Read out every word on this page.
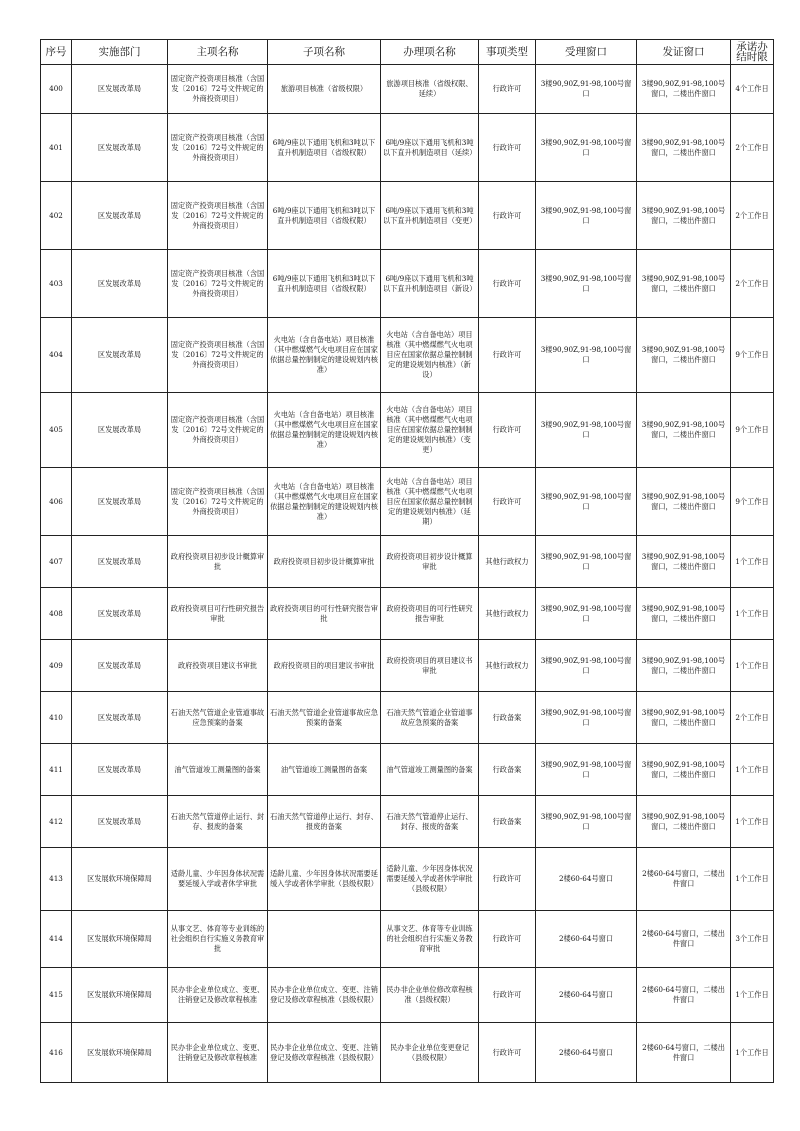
序号	实施部门	主项名称	子项名称	办理项名称	事项类型	受理窗口	发证窗口	承诺办结时限
400	区发展改革局	固定资产投资项目核准（含国发〔2016〕72号文件规定的外商投资项目）	旅游项目核准（省级权限）	旅游项目核准（省级权限、延续）	行政许可	3楼90,90Z,91-98,100号窗口	3楼90,90Z,91-98,100号窗口，二楼出件窗口	4个工作日
401	区发展改革局	固定资产投资项目核准（含国发〔2016〕72号文件规定的外商投资项目）	6吨/9座以下通用飞机和3吨以下直升机制造项目（省级权限）	6吨/9座以下通用飞机和3吨以下直升机制造项目（延续）	行政许可	3楼90,90Z,91-98,100号窗口	3楼90,90Z,91-98,100号窗口，二楼出件窗口	2个工作日
402	区发展改革局	固定资产投资项目核准（含国发〔2016〕72号文件规定的外商投资项目）	6吨/9座以下通用飞机和3吨以下直升机制造项目（省级权限）	6吨/9座以下通用飞机和3吨以下直升机制造项目（变更）	行政许可	3楼90,90Z,91-98,100号窗口	3楼90,90Z,91-98,100号窗口，二楼出件窗口	2个工作日
403	区发展改革局	固定资产投资项目核准（含国发〔2016〕72号文件规定的外商投资项目）	6吨/9座以下通用飞机和3吨以下直升机制造项目（省级权限）	6吨/9座以下通用飞机和3吨以下直升机制造项目（新设）	行政许可	3楼90,90Z,91-98,100号窗口	3楼90,90Z,91-98,100号窗口，二楼出件窗口	2个工作日
404	区发展改革局	固定资产投资项目核准（含国发〔2016〕72号文件规定的外商投资项目）	火电站（含自备电站）项目核准（其中燃煤燃气火电项目应在国家依据总量控制制定的建设规划内核准）	火电站（含自备电站）项目核准（其中燃煤燃气火电项目应在国家依据总量控制制定的建设规划内核准）（新设）	行政许可	3楼90,90Z,91-98,100号窗口	3楼90,90Z,91-98,100号窗口，二楼出件窗口	9个工作日
405	区发展改革局	固定资产投资项目核准（含国发〔2016〕72号文件规定的外商投资项目）	火电站（含自备电站）项目核准（其中燃煤燃气火电项目应在国家依据总量控制制定的建设规划内核准）	火电站（含自备电站）项目核准（其中燃煤燃气火电项目应在国家依据总量控制制定的建设规划内核准）（变更）	行政许可	3楼90,90Z,91-98,100号窗口	3楼90,90Z,91-98,100号窗口，二楼出件窗口	9个工作日
406	区发展改革局	固定资产投资项目核准（含国发〔2016〕72号文件规定的外商投资项目）	火电站（含自备电站）项目核准（其中燃煤燃气火电项目应在国家依据总量控制制定的建设规划内核准）	火电站（含自备电站）项目核准（其中燃煤燃气火电项目应在国家依据总量控制制定的建设规划内核准）（延期）	行政许可	3楼90,90Z,91-98,100号窗口	3楼90,90Z,91-98,100号窗口，二楼出件窗口	9个工作日
407	区发展改革局	政府投资项目初步设计概算审批	政府投资项目初步设计概算审批	政府投资项目初步设计概算审批	其他行政权力	3楼90,90Z,91-98,100号窗口	3楼90,90Z,91-98,100号窗口，二楼出件窗口	1个工作日
408	区发展改革局	政府投资项目可行性研究报告审批	政府投资项目的可行性研究报告审批	政府投资项目的可行性研究报告审批	其他行政权力	3楼90,90Z,91-98,100号窗口	3楼90,90Z,91-98,100号窗口，二楼出件窗口	1个工作日
409	区发展改革局	政府投资项目建议书审批	政府投资项目的项目建议书审批	政府投资项目的项目建议书审批	其他行政权力	3楼90,90Z,91-98,100号窗口	3楼90,90Z,91-98,100号窗口，二楼出件窗口	1个工作日
410	区发展改革局	石油天然气管道企业管道事故应急预案的备案	石油天然气管道企业管道事故应急预案的备案	石油天然气管道企业管道事故应急预案的备案	行政备案	3楼90,90Z,91-98,100号窗口	3楼90,90Z,91-98,100号窗口，二楼出件窗口	2个工作日
411	区发展改革局	油气管道竣工测量图的备案	油气管道竣工测量图的备案	油气管道竣工测量图的备案	行政备案	3楼90,90Z,91-98,100号窗口	3楼90,90Z,91-98,100号窗口，二楼出件窗口	1个工作日
412	区发展改革局	石油天然气管道停止运行、封存、报废的备案	石油天然气管道停止运行、封存、报废的备案	石油天然气管道停止运行、封存、报废的备案	行政备案	3楼90,90Z,91-98,100号窗口	3楼90,90Z,91-98,100号窗口，二楼出件窗口	1个工作日
413	区发展软环境保障局	适龄儿童、少年因身体状况需要延缓入学或者休学审批	适龄儿童、少年因身体状况需要延缓入学或者休学审批（县级权限）	适龄儿童、少年因身体状况需要延缓入学或者休学审批（县级权限）	行政许可	2楼60-64号窗口	2楼60-64号窗口，二楼出件窗口	1个工作日
414	区发展软环境保障局	从事文艺、体育等专业训练的社会组织自行实施义务教育审批		从事文艺、体育等专业训练的社会组织自行实施义务教育审批	行政许可	2楼60-64号窗口	2楼60-64号窗口，二楼出件窗口	3个工作日
415	区发展软环境保障局	民办非企业单位成立、变更、注销登记及修改章程核准	民办非企业单位成立、变更、注销登记及修改章程核准（县级权限）	民办非企业单位修改章程核准（县级权限）	行政许可	2楼60-64号窗口	2楼60-64号窗口，二楼出件窗口	1个工作日
416	区发展软环境保障局	民办非企业单位成立、变更、注销登记及修改章程核准	民办非企业单位成立、变更、注销登记及修改章程核准（县级权限）	民办非企业单位变更登记（县级权限）	行政许可	2楼60-64号窗口	2楼60-64号窗口，二楼出件窗口	1个工作日
